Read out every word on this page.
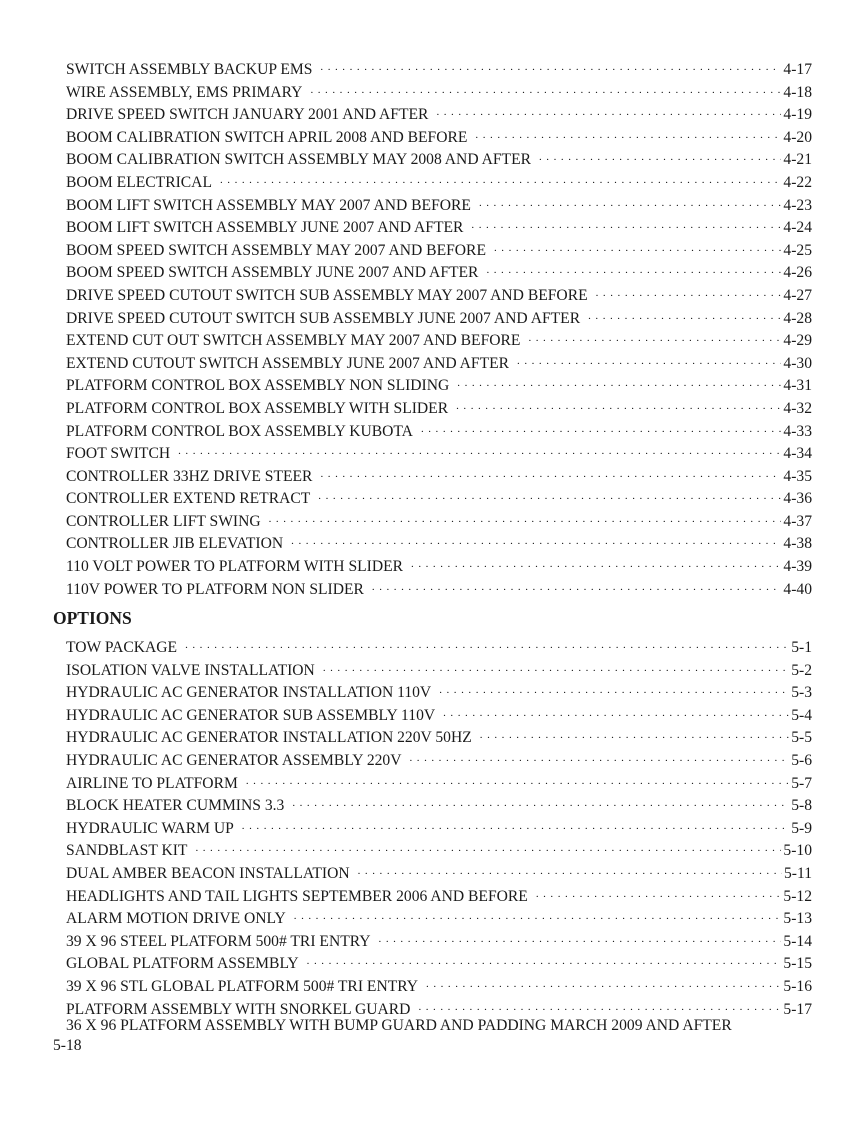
SWITCH ASSEMBLY BACKUP EMS . . .	4-17
WIRE ASSEMBLY, EMS PRIMARY . . .	4-18
DRIVE SPEED SWITCH JANUARY 2001 AND AFTER . . .	4-19
BOOM CALIBRATION SWITCH APRIL 2008 AND BEFORE . . .	4-20
BOOM CALIBRATION SWITCH ASSEMBLY MAY 2008 AND AFTER . . .	4-21
BOOM ELECTRICAL . . .	4-22
BOOM LIFT SWITCH ASSEMBLY MAY 2007 AND BEFORE . . .	4-23
BOOM LIFT SWITCH ASSEMBLY JUNE 2007 AND AFTER . . .	4-24
BOOM SPEED SWITCH ASSEMBLY MAY 2007 AND BEFORE . . .	4-25
BOOM SPEED SWITCH ASSEMBLY JUNE 2007 AND AFTER . . .	4-26
DRIVE SPEED CUTOUT SWITCH SUB ASSEMBLY MAY 2007 AND BEFORE . . .	4-27
DRIVE SPEED CUTOUT SWITCH SUB ASSEMBLY JUNE 2007 AND AFTER . . .	4-28
EXTEND CUT OUT SWITCH ASSEMBLY MAY 2007 AND BEFORE . . .	4-29
EXTEND CUTOUT SWITCH ASSEMBLY JUNE 2007 AND AFTER . . .	4-30
PLATFORM CONTROL BOX ASSEMBLY NON SLIDING . . .	4-31
PLATFORM CONTROL BOX ASSEMBLY WITH SLIDER . . .	4-32
PLATFORM CONTROL BOX ASSEMBLY KUBOTA . . .	4-33
FOOT SWITCH . . .	4-34
CONTROLLER 33HZ DRIVE STEER . . .	4-35
CONTROLLER EXTEND RETRACT . . .	4-36
CONTROLLER LIFT SWING . . .	4-37
CONTROLLER JIB ELEVATION . . .	4-38
110 VOLT POWER TO PLATFORM WITH SLIDER . . .	4-39
110V POWER TO PLATFORM NON SLIDER . . .	4-40
OPTIONS
TOW PACKAGE . . .	5-1
ISOLATION VALVE INSTALLATION . . .	5-2
HYDRAULIC AC GENERATOR INSTALLATION 110V . . .	5-3
HYDRAULIC AC GENERATOR SUB ASSEMBLY 110V . . .	5-4
HYDRAULIC AC GENERATOR INSTALLATION 220V 50HZ . . .	5-5
HYDRAULIC AC GENERATOR ASSEMBLY 220V . . .	5-6
AIRLINE TO PLATFORM . . .	5-7
BLOCK HEATER CUMMINS 3.3 . . .	5-8
HYDRAULIC WARM UP . . .	5-9
SANDBLAST KIT . . .	5-10
DUAL AMBER BEACON INSTALLATION . . .	5-11
HEADLIGHTS AND TAIL LIGHTS SEPTEMBER 2006 AND BEFORE . . .	5-12
ALARM MOTION DRIVE ONLY . . .	5-13
39 X 96 STEEL PLATFORM 500# TRI ENTRY . . .	5-14
GLOBAL PLATFORM ASSEMBLY . . .	5-15
39 X 96 STL GLOBAL PLATFORM 500# TRI ENTRY . . .	5-16
PLATFORM ASSEMBLY WITH SNORKEL GUARD . . .	5-17
36 X 96 PLATFORM ASSEMBLY WITH BUMP GUARD AND PADDING MARCH 2009 AND AFTER
5-18
